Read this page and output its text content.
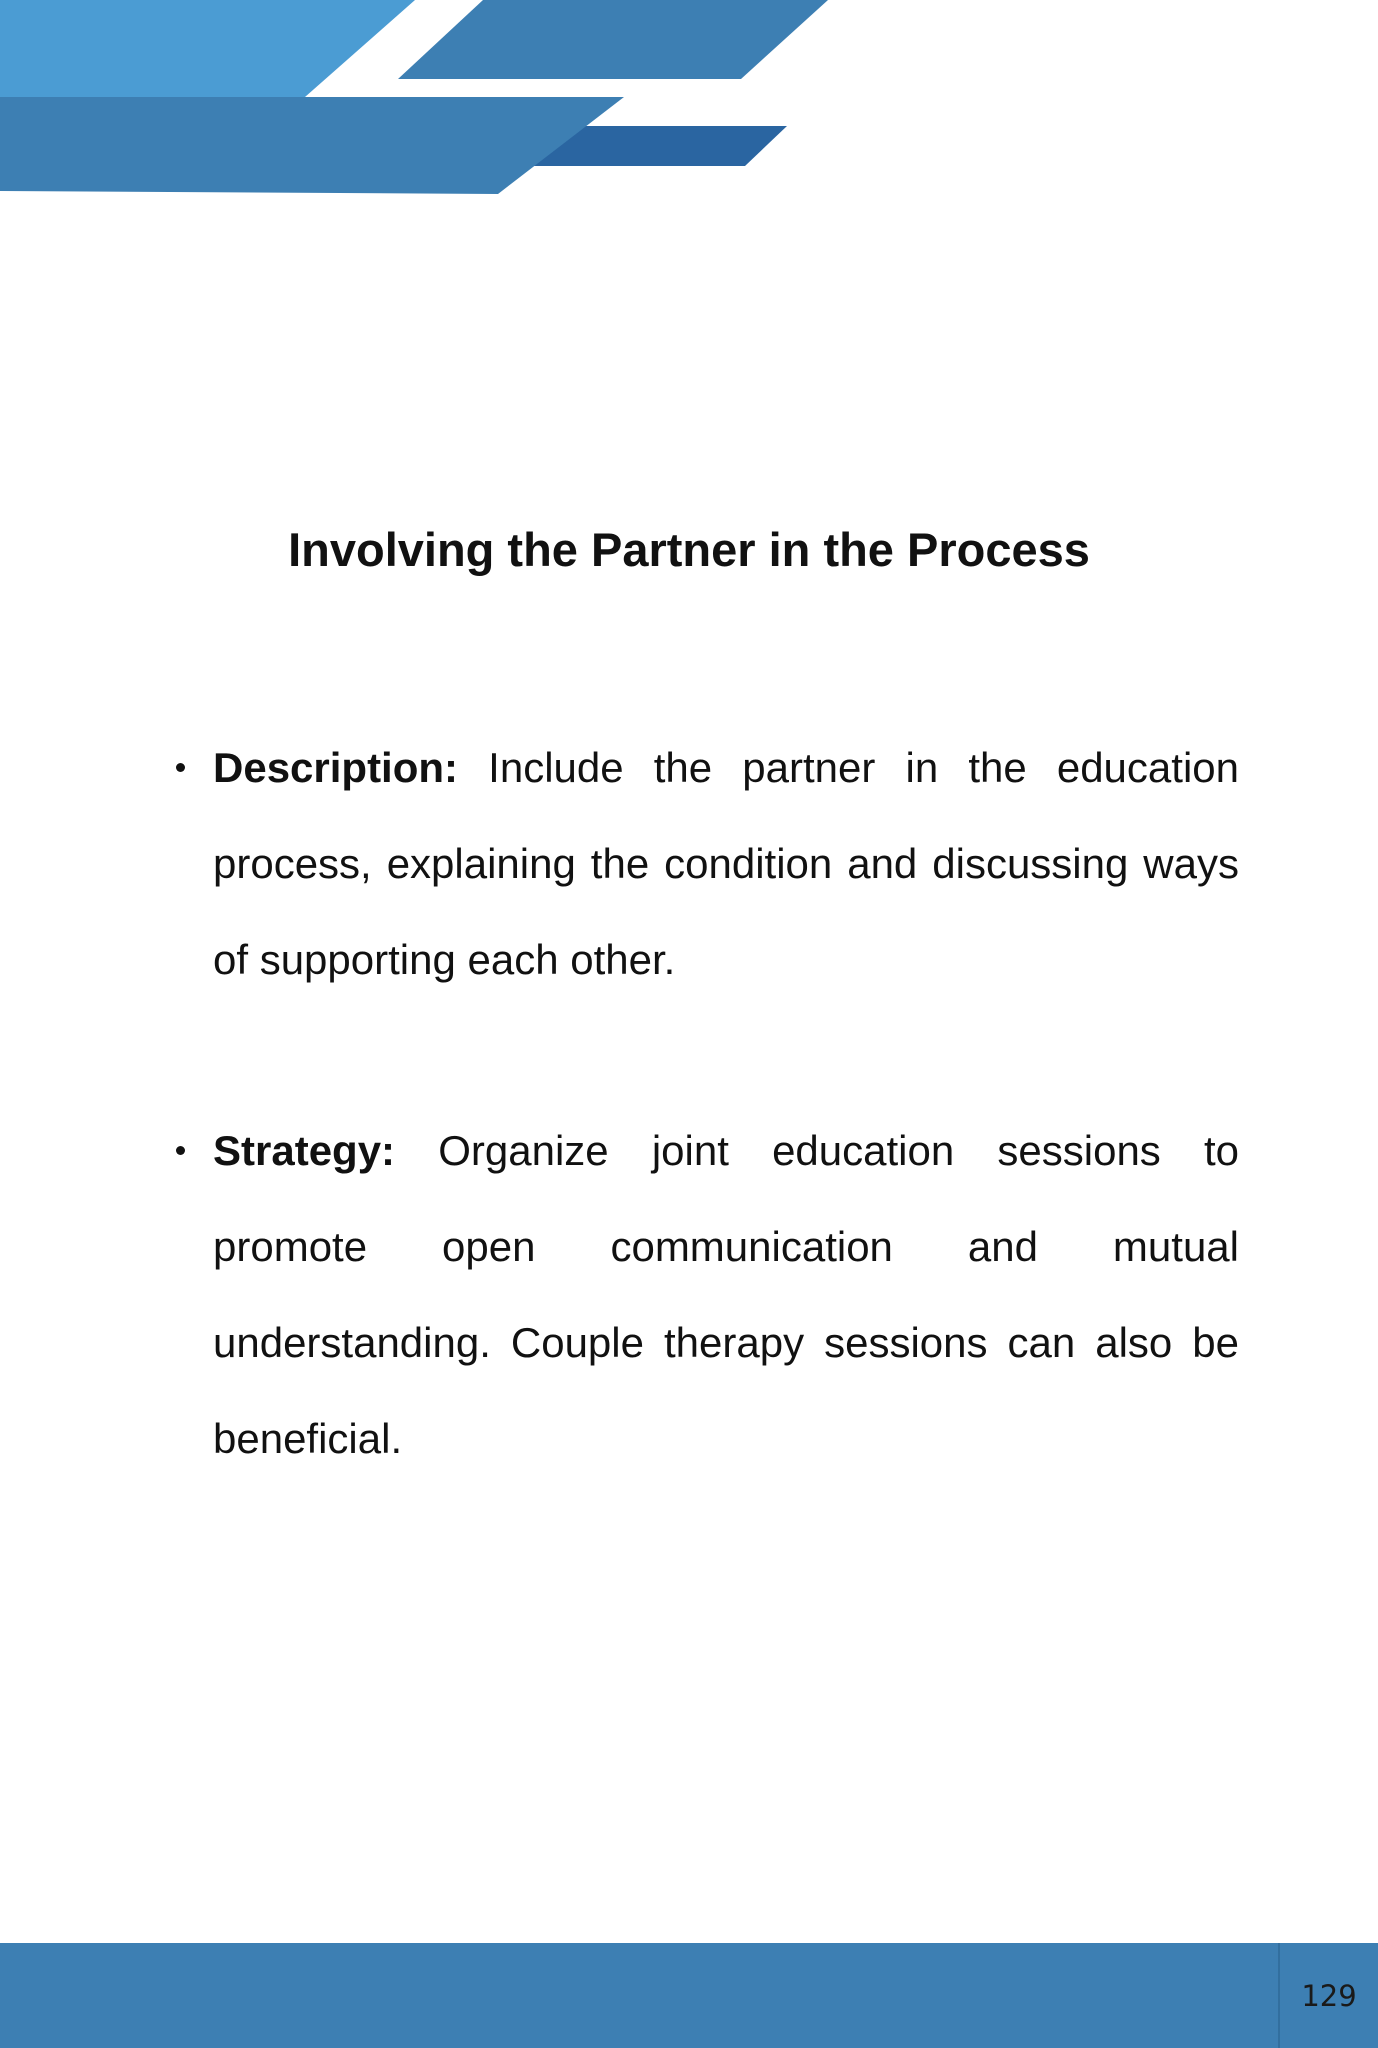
Involving the Partner in the Process

Description: Include the partner in the education process, explaining the condition and discussing ways of supporting each other.

Strategy: Organize joint education sessions to promote open communication and mutual understanding. Couple therapy sessions can also be beneficial.

129
